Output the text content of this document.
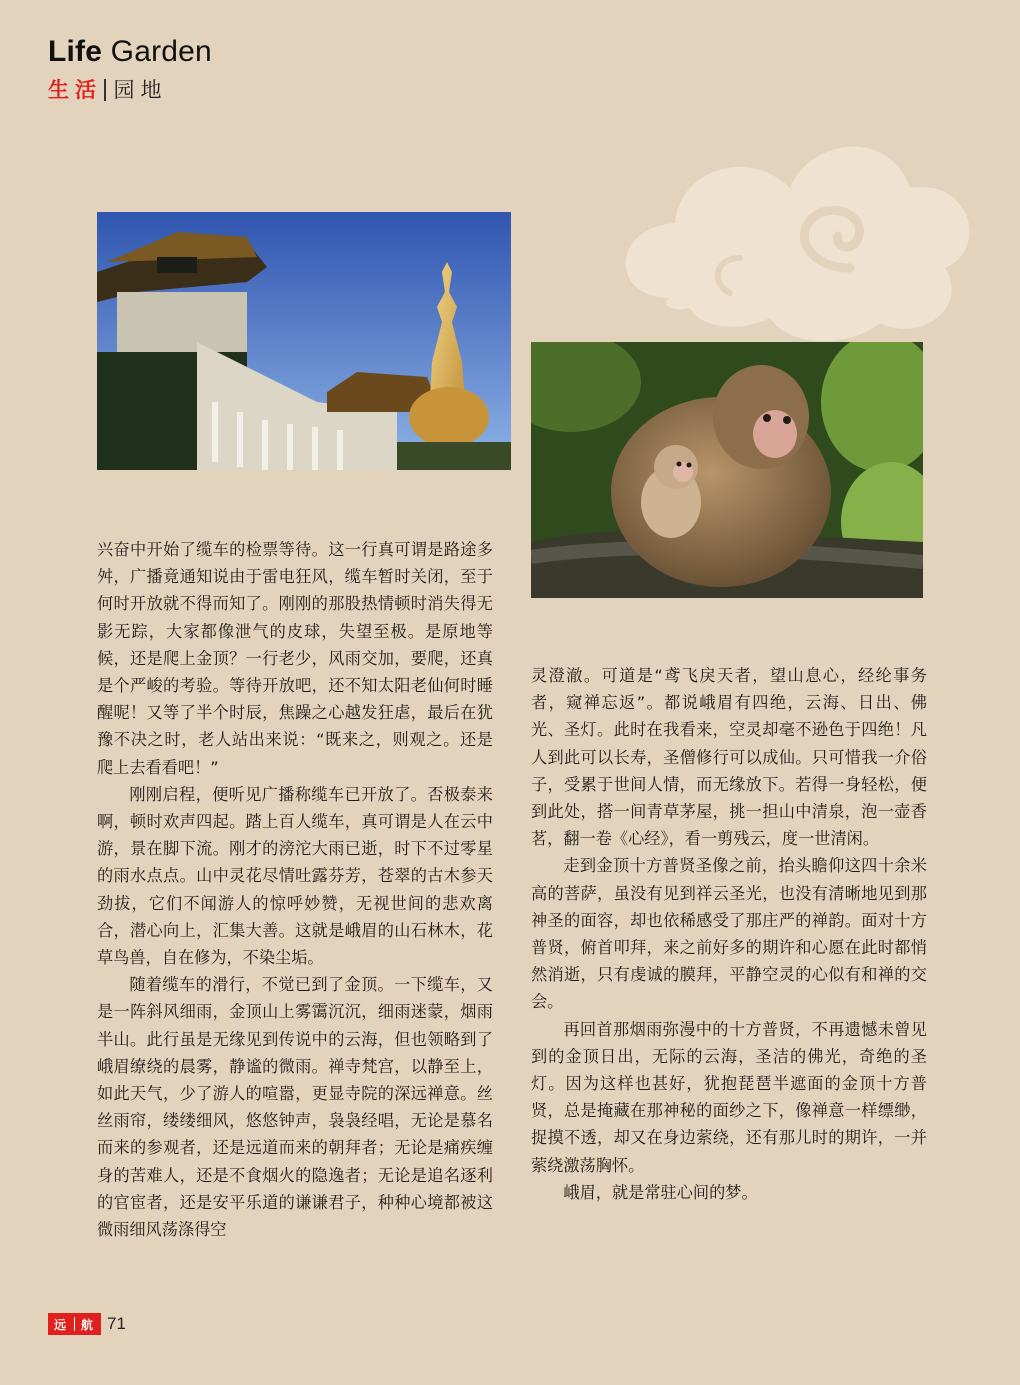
Life Garden
生活 园地

兴奋中开始了缆车的检票等待。这一行真可谓是路途多舛，广播竟通知说由于雷电狂风，缆车暂时关闭，至于何时开放就不得而知了。刚刚的那股热情顿时消失得无影无踪，大家都像泄气的皮球，失望至极。是原地等候，还是爬上金顶？一行老少，风雨交加，要爬，还真是个严峻的考验。等待开放吧，还不知太阳老仙何时睡醒呢！又等了半个时辰，焦躁之心越发狂虐，最后在犹豫不决之时，老人站出来说：“既来之，则观之。还是爬上去看看吧！”

刚刚启程，便听见广播称缆车已开放了。否极泰来啊，顿时欢声四起。踏上百人缆车，真可谓是人在云中游，景在脚下流。刚才的滂沱大雨已逝，时下不过零星的雨水点点。山中灵花尽情吐露芬芳，苍翠的古木参天劲拔，它们不闻游人的惊呼妙赞，无视世间的悲欢离合，潜心向上，汇集大善。这就是峨眉的山石林木，花草鸟兽，自在修为，不染尘垢。

随着缆车的滑行，不觉已到了金顶。一下缆车，又是一阵斜风细雨，金顶山上雾霭沉沉，细雨迷蒙，烟雨半山。此行虽是无缘见到传说中的云海，但也领略到了峨眉缭绕的晨雾，静谧的微雨。禅寺梵宫，以静至上，如此天气，少了游人的喧嚣，更显寺院的深远禅意。丝丝雨帘，缕缕细风，悠悠钟声，袅袅经唱，无论是慕名而来的参观者，还是远道而来的朝拜者；无论是痛疾缠身的苦难人，还是不食烟火的隐逸者；无论是追名逐利的官宦者，还是安平乐道的谦谦君子，种种心境都被这微雨细风荡涤得空

灵澄澈。可道是“鸢飞戾天者，望山息心，经纶事务者，窥禅忘返”。都说峨眉有四绝，云海、日出、佛光、圣灯。此时在我看来，空灵却毫不逊色于四绝！凡人到此可以长寿，圣僧修行可以成仙。只可惜我一介俗子，受累于世间人情，而无缘放下。若得一身轻松，便到此处，搭一间青草茅屋，挑一担山中清泉，泡一壶香茗，翻一卷《心经》，看一剪残云，度一世清闲。

走到金顶十方普贤圣像之前，抬头瞻仰这四十余米高的菩萨，虽没有见到祥云圣光，也没有清晰地见到那神圣的面容，却也依稀感受了那庄严的禅韵。面对十方普贤，俯首叩拜，来之前好多的期许和心愿在此时都悄然消逝，只有虔诚的膜拜，平静空灵的心似有和禅的交会。

再回首那烟雨弥漫中的十方普贤，不再遗憾未曾见到的金顶日出，无际的云海，圣洁的佛光，奇绝的圣灯。因为这样也甚好，犹抱琵琶半遮面的金顶十方普贤，总是掩藏在那神秘的面纱之下，像禅意一样缥缈，捉摸不透，却又在身边萦绕，还有那儿时的期许，一并萦绕激荡胸怀。

峨眉，就是常驻心间的梦。

远 航 71
